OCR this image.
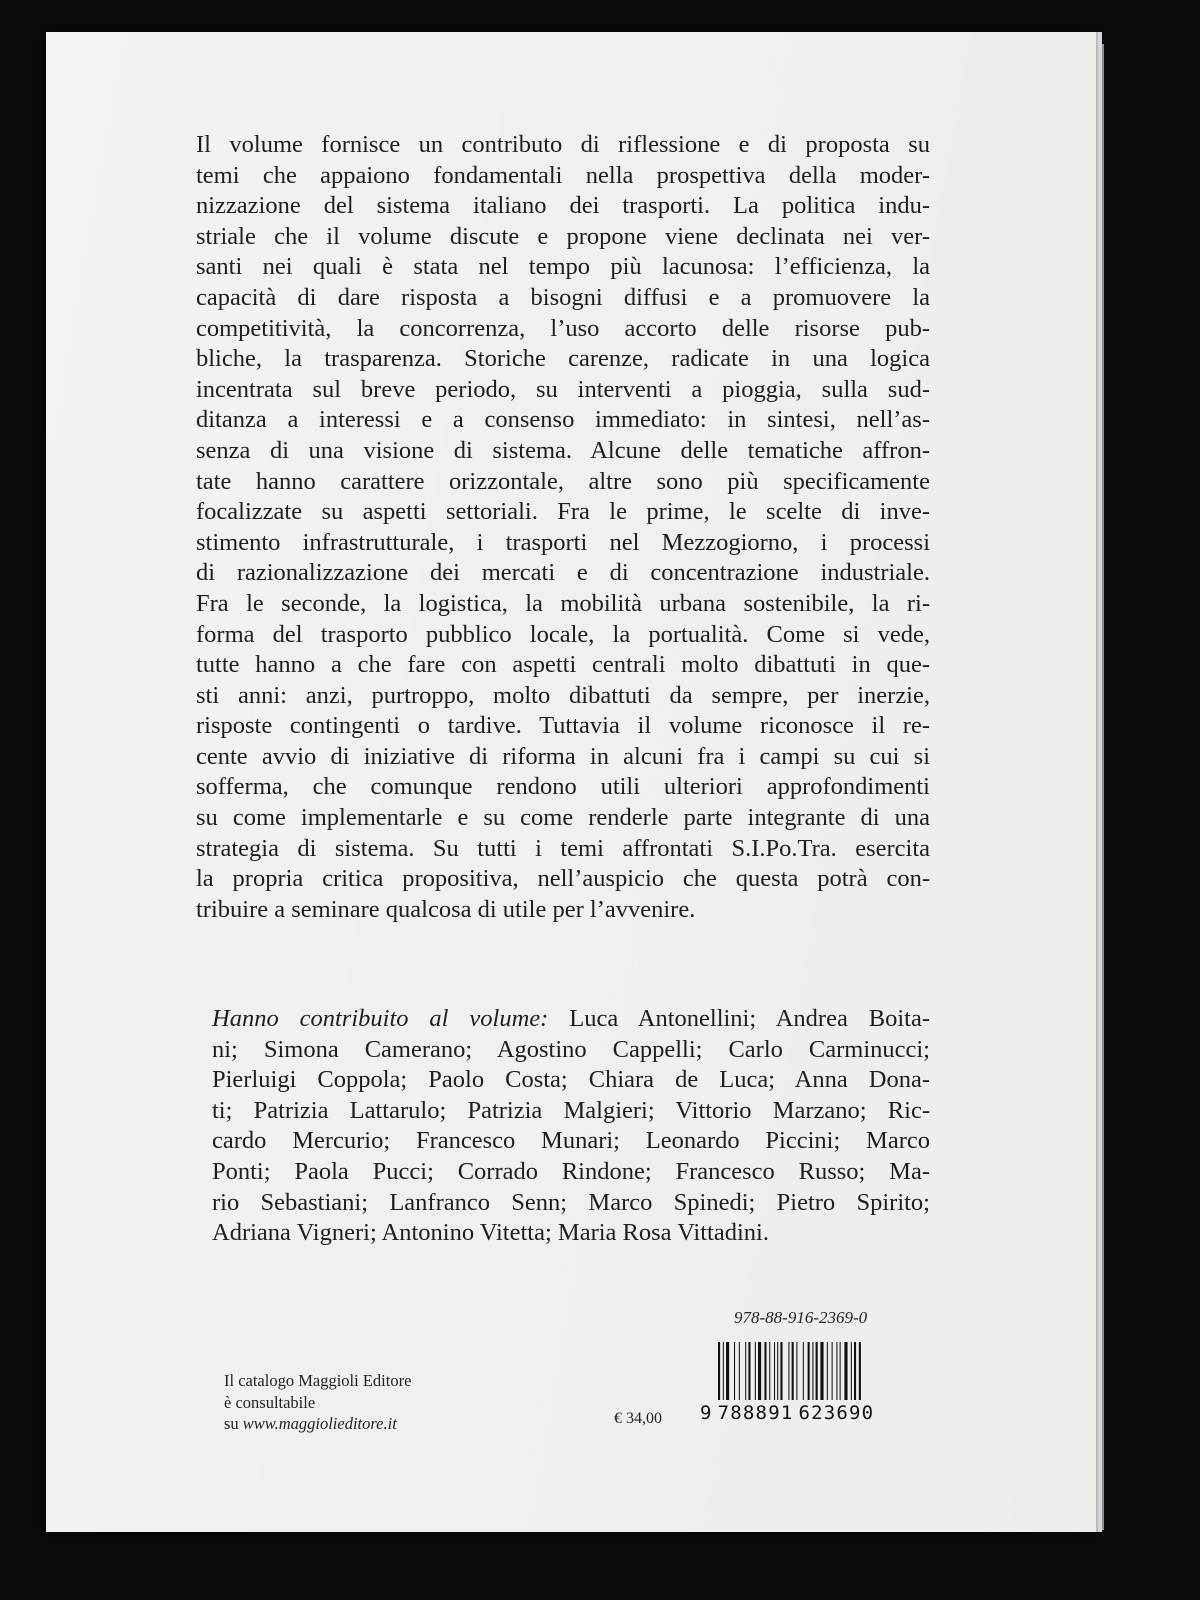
Il volume fornisce un contributo di riflessione e di proposta su
temi che appaiono fondamentali nella prospettiva della moder-
nizzazione del sistema italiano dei trasporti. La politica indu-
striale che il volume discute e propone viene declinata nei ver-
santi nei quali è stata nel tempo più lacunosa: l’efficienza, la
capacità di dare risposta a bisogni diffusi e a promuovere la
competitività, la concorrenza, l’uso accorto delle risorse pub-
bliche, la trasparenza. Storiche carenze, radicate in una logica
incentrata sul breve periodo, su interventi a pioggia, sulla sud-
ditanza a interessi e a consenso immediato: in sintesi, nell’as-
senza di una visione di sistema. Alcune delle tematiche affron-
tate hanno carattere orizzontale, altre sono più specificamente
focalizzate su aspetti settoriali. Fra le prime, le scelte di inve-
stimento infrastrutturale, i trasporti nel Mezzogiorno, i processi
di razionalizzazione dei mercati e di concentrazione industriale.
Fra le seconde, la logistica, la mobilità urbana sostenibile, la ri-
forma del trasporto pubblico locale, la portualità. Come si vede,
tutte hanno a che fare con aspetti centrali molto dibattuti in que-
sti anni: anzi, purtroppo, molto dibattuti da sempre, per inerzie,
risposte contingenti o tardive. Tuttavia il volume riconosce il re-
cente avvio di iniziative di riforma in alcuni fra i campi su cui si
sofferma, che comunque rendono utili ulteriori approfondimenti
su come implementarle e su come renderle parte integrante di una
strategia di sistema. Su tutti i temi affrontati S.I.Po.Tra. esercita
la propria critica propositiva, nell’auspicio che questa potrà con-
tribuire a seminare qualcosa di utile per l’avvenire.
Hanno contribuito al volume: Luca Antonellini; Andrea Boita-
ni; Simona Camerano; Agostino Cappelli; Carlo Carminucci;
Pierluigi Coppola; Paolo Costa; Chiara de Luca; Anna Dona-
ti; Patrizia Lattarulo; Patrizia Malgieri; Vittorio Marzano; Ric-
cardo Mercurio; Francesco Munari; Leonardo Piccini; Marco
Ponti; Paola Pucci; Corrado Rindone; Francesco Russo; Ma-
rio Sebastiani; Lanfranco Senn; Marco Spinedi; Pietro Spirito;
Adriana Vigneri; Antonino Vitetta; Maria Rosa Vittadini.
978-88-916-2369-0
9 788891 623690
€ 34,00
Il catalogo Maggioli Editore
è consultabile
su www.maggiolieditore.it
